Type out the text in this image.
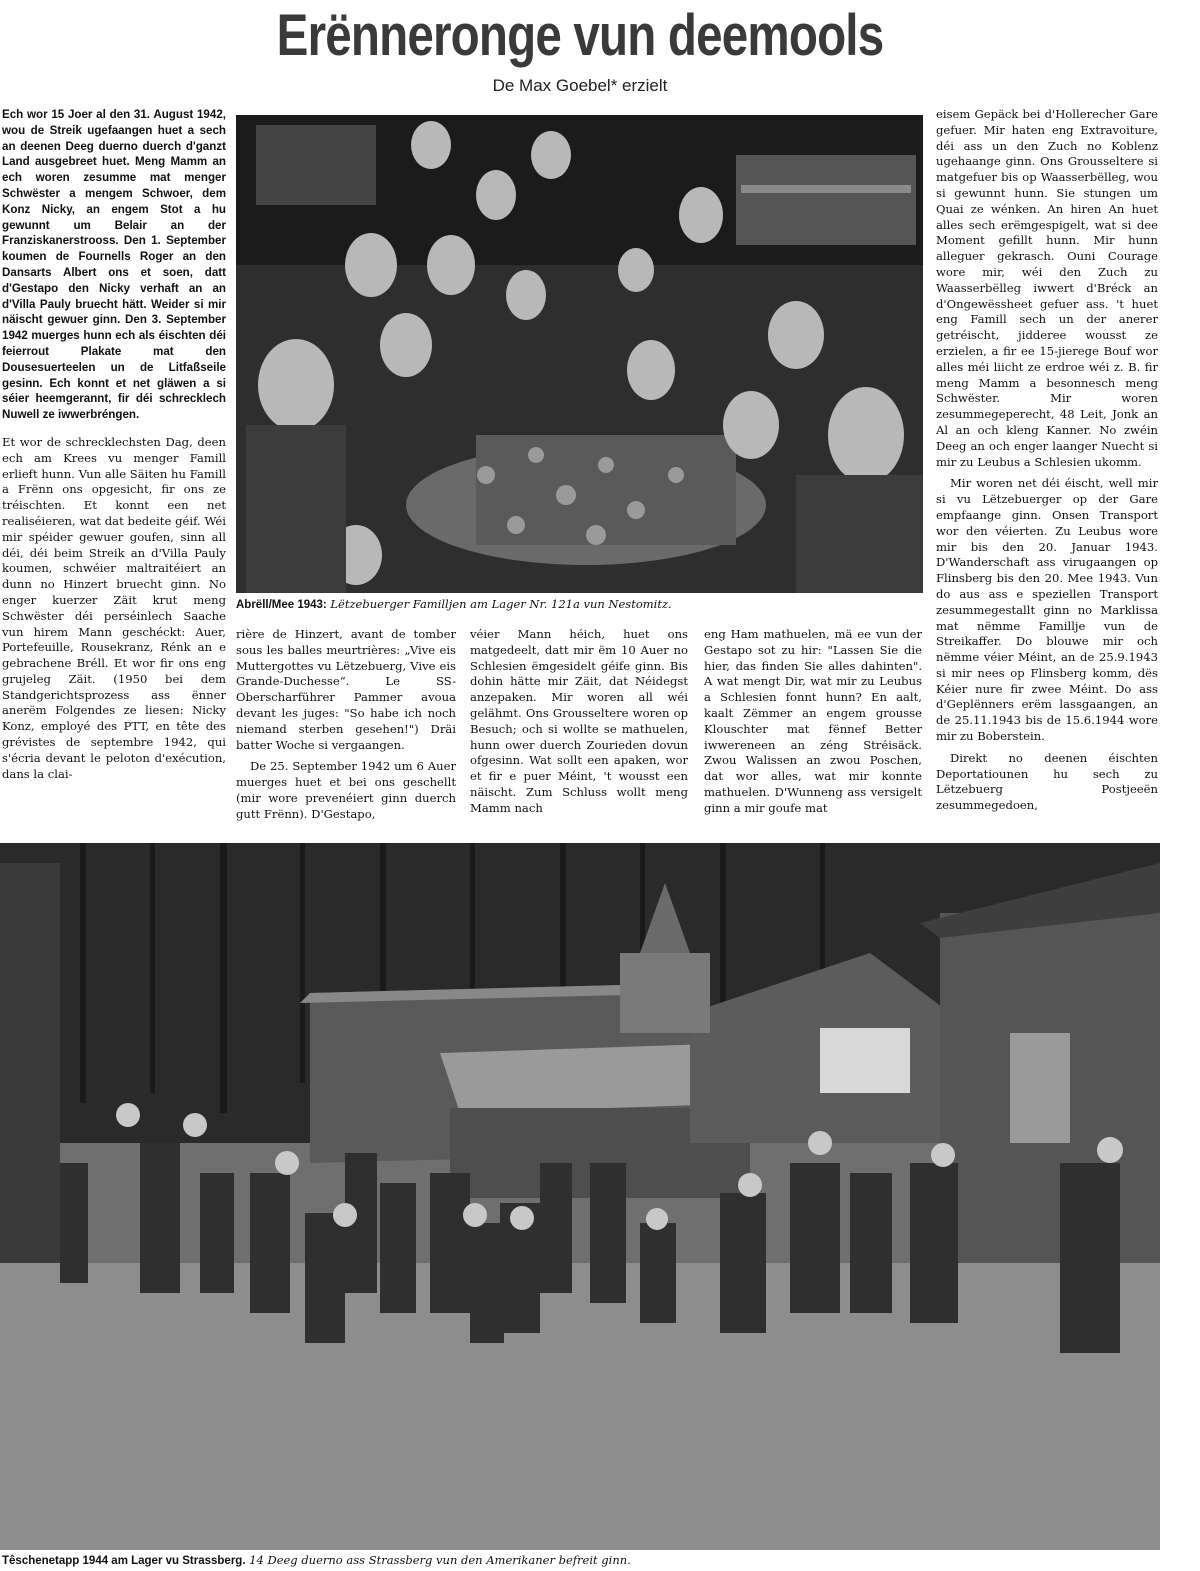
Erënneronge vun deemools
De Max Goebel* erzielt

Ech wor 15 Joer al den 31. August 1942, wou de Streik ugefaangen huet a sech an deenen Deeg duerno duerch d'ganzt Land ausgebreet huet. Meng Mamm an ech woren zesumme mat menger Schwëster a mengem Schwoer, dem Konz Nicky, an engem Stot a hu gewunnt um Belair an der Franziskanerstrooss. Den 1. September koumen de Fournells Roger an den Dansarts Albert ons et soen, datt d'Gestapo den Nicky verhaft an an d'Villa Pauly bruecht hätt. Weider si mir näischt gewuer ginn. Den 3. September 1942 muerges hunn ech als éischten déi feierrout Plakate mat den Dousesuerteelen un de Litfaßseile gesinn. Ech konnt et net gläwen a si séier heemgerannt, fir déi schrecklech Nuwell ze iwwerbréngen.

Et wor de schrecklechsten Dag, deen ech am Krees vu menger Famill erlieft hunn. Vun alle Säiten hu Famill a Frënn ons opgesicht, fir ons ze tréischten. Et konnt een net realiséieren, wat dat bedeite géif. Wéi mir spéider gewuer goufen, sinn all déi, déi beim Streik an d'Villa Pauly koumen, schwéier maltraitéiert an dunn no Hinzert bruecht ginn. No enger kuerzer Zäit krut meng Schwëster déi perséinlech Saache vun hirem Mann geschéckt: Auer, Portefeuille, Rousekranz, Rénk an e gebrachene Bréll. Et wor fir ons eng grujeleg Zäit. (1950 bei dem Standgerichtsprozess ass ënner anerëm Folgendes ze liesen: Nicky Konz, employé des PTT, en tête des grévistes de septembre 1942, qui s'écria devant le peloton d'exécution, dans la clai-

Abrëll/Mee 1943: Lëtzebuerger Familljen am Lager Nr. 121a vun Nestomitz.

rière de Hinzert, avant de tomber sous les balles meurtrières: „Vive eis Muttergottes vu Lëtzebuerg, Vive eis Grande-Duchesse“. Le SS-Oberscharführer Pammer avoua devant les juges: "So habe ich noch niemand sterben gesehen!") Dräi batter Woche si vergaangen.

De 25. September 1942 um 6 Auer muerges huet et bei ons geschellt (mir wore prevenéiert ginn duerch gutt Frënn). D'Gestapo,

véier Mann héich, huet ons matgedeelt, datt mir ëm 10 Auer no Schlesien ëmgesidelt géife ginn. Bis dohin hätte mir Zäit, dat Néidegst anzepaken. Mir woren all wéi gelähmt. Ons Grousseltere woren op Besuch; och si wollte se mathuelen, hunn ower duerch Zourieden dovun ofgesinn. Wat sollt een apaken, wor et fir e puer Méint, 't wousst een näischt. Zum Schluss wollt meng Mamm nach

eng Ham mathuelen, mä ee vun der Gestapo sot zu hir: "Lassen Sie die hier, das finden Sie alles dahinten". A wat mengt Dir, wat mir zu Leubus a Schlesien fonnt hunn? En aalt, kaalt Zëmmer an engem grousse Klouschter mat fënnef Better iwwereneen an zéng Stréisäck. Zwou Walissen an zwou Poschen, dat wor alles, wat mir konnte mathuelen. D'Wunneng ass versigelt ginn a mir goufe mat

eisem Gepäck bei d'Hollerecher Gare gefuer. Mir haten eng Extravoiture, déi ass un den Zuch no Koblenz ugehaange ginn. Ons Grousseltere si matgefuer bis op Waasserbëlleg, wou si gewunnt hunn. Sie stungen um Quai ze wénken. An hiren An huet alles sech erëmgespigelt, wat si dee Moment gefillt hunn. Mir hunn alleguer gekrasch. Ouni Courage wore mir, wéi den Zuch zu Waasserbëlleg iwwert d'Bréck an d'Ongewëssheet gefuer ass. 't huet eng Famill sech un der anerer getréischt, jidderee wousst ze erzielen, a fir ee 15-jierege Bouf wor alles méi liicht ze erdroe wéi z. B. fir meng Mamm a besonnesch meng Schwëster. Mir woren zesummegeperecht, 48 Leit, Jonk an Al an och kleng Kanner. No zwéin Deeg an och enger laanger Nuecht si mir zu Leubus a Schlesien ukomm.

Mir woren net déi éischt, well mir si vu Lëtzebuerger op der Gare empfaange ginn. Onsen Transport wor den véierten. Zu Leubus wore mir bis den 20. Januar 1943. D'Wanderschaft ass virugaangen op Flinsberg bis den 20. Mee 1943. Vun do aus ass e speziellen Transport zesummegestallt ginn no Marklissa mat nëmme Famillje vun de Streikaffer. Do blouwe mir och nëmme véier Méint, an de 25.9.1943 si mir nees op Flinsberg komm, dës Kéier nure fir zwee Méint. Do ass d'Geplënners erëm lassgaangen, an de 25.11.1943 bis de 15.6.1944 wore mir zu Boberstein.

Direkt no deenen éischten Deportatiounen hu sech zu Lëtzebuerg Postjeeën zesummegedoen,

Têschenetapp 1944 am Lager vu Strassberg. 14 Deeg duerno ass Strassberg vun den Amerikaner befreit ginn.
